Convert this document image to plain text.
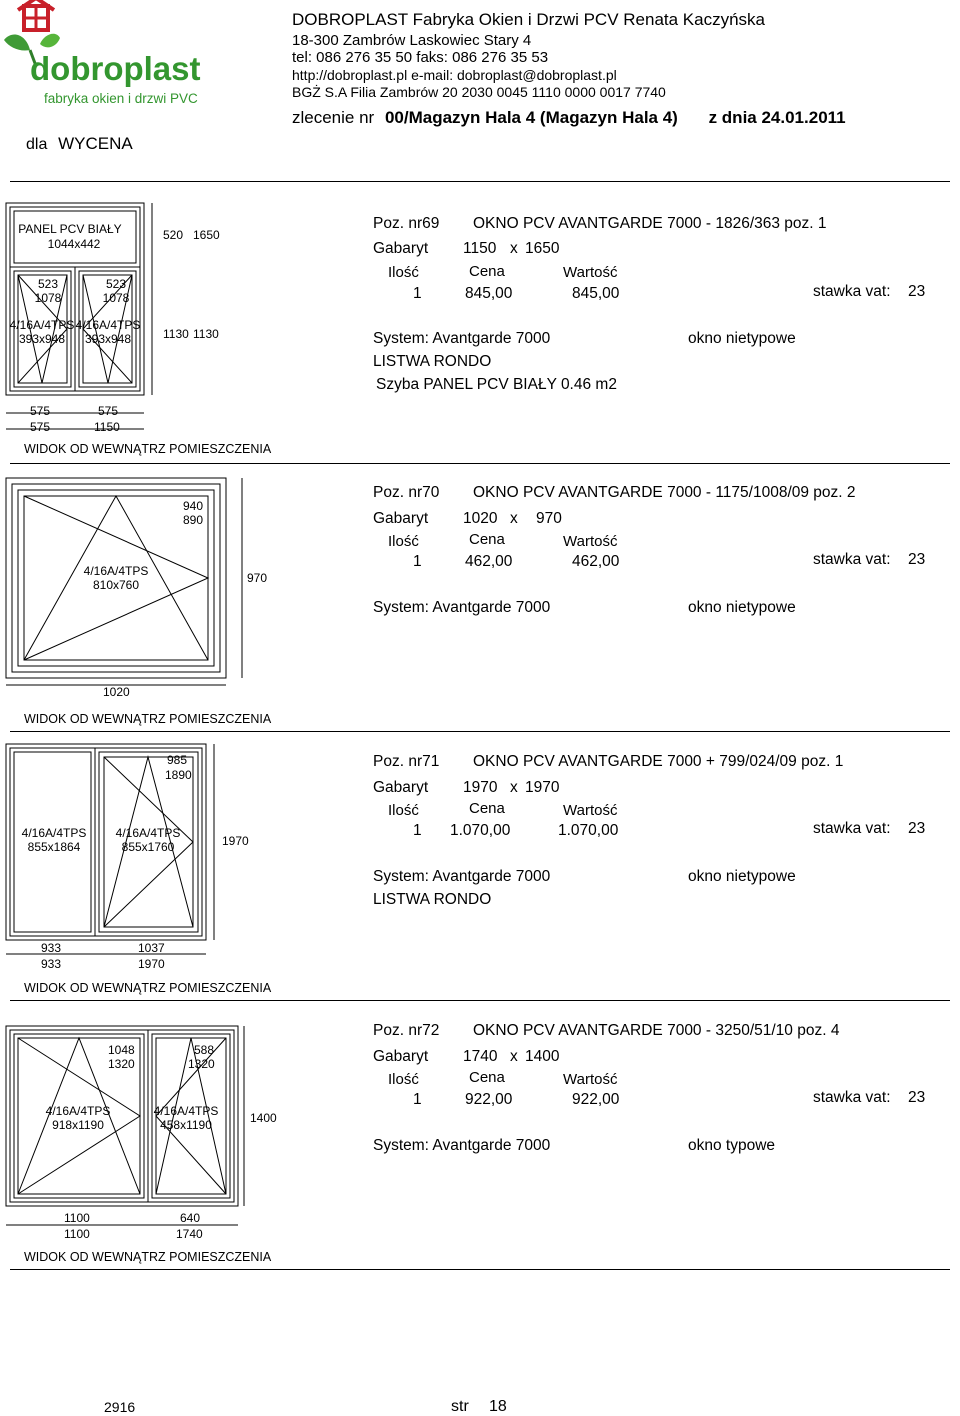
dobroplast
fabryka okien i drzwi PVC
DOBROPLAST Fabryka Okien i Drzwi PCV Renata Kaczyńska
18-300 Zambrów Laskowiec Stary 4
tel: 086 276 35 50 faks: 086 276 35 53
http://dobroplast.pl e-mail: dobroplast@dobroplast.pl
BGŻ S.A Filia Zambrów 20 2030 0045 1110 0000 0017 7740
zlecenie nr 00/Magazyn Hala 4 (Magazyn Hala 4) z dnia 24.01.2011
dla WYCENA
PANEL PCV BIAŁY
1044x442
523
1078
523
1078
4/16A/4TPS
393x948
4/16A/4TPS
393x948
520 1650
1130 1130
575	575
575	1150
WIDOK OD WEWNĄTRZ POMIESZCZENIA
Poz. nr69 OKNO PCV AVANTGARDE 7000 - 1826/363 poz. 1
Gabaryt 1150 x 1650
Ilość	Cena	Wartość
1	845,00	845,00	stawka vat: 23
System: Avantgarde 7000	okno nietypowe
LISTWA RONDO
Szyba PANEL PCV BIAŁY 0.46 m2
940
890
4/16A/4TPS
810x760	970
1020
WIDOK OD WEWNĄTRZ POMIESZCZENIA
Poz. nr70 OKNO PCV AVANTGARDE 7000 - 1175/1008/09 poz. 2
Gabaryt 1020 x 970
Ilość	Cena	Wartość
1	462,00	462,00	stawka vat: 23
System: Avantgarde 7000	okno nietypowe
985
1890
4/16A/4TPS
855x1864
4/16A/4TPS
855x1760	1970
933	1037
933	1970
WIDOK OD WEWNĄTRZ POMIESZCZENIA
Poz. nr71 OKNO PCV AVANTGARDE 7000 + 799/024/09 poz. 1
Gabaryt 1970 x 1970
Ilość	Cena	Wartość
1 1.070,00	1.070,00	stawka vat: 23
System: Avantgarde 7000	okno nietypowe
LISTWA RONDO
1048
1320
588
1320
4/16A/4TPS
918x1190
4/16A/4TPS
458x1190	1400
1100	640
1100	1740
WIDOK OD WEWNĄTRZ POMIESZCZENIA
Poz. nr72 OKNO PCV AVANTGARDE 7000 - 3250/51/10 poz. 4
Gabaryt 1740 x 1400
Ilość	Cena	Wartość
1	922,00	922,00	stawka vat: 23
System: Avantgarde 7000	okno typowe
2916	str 18
